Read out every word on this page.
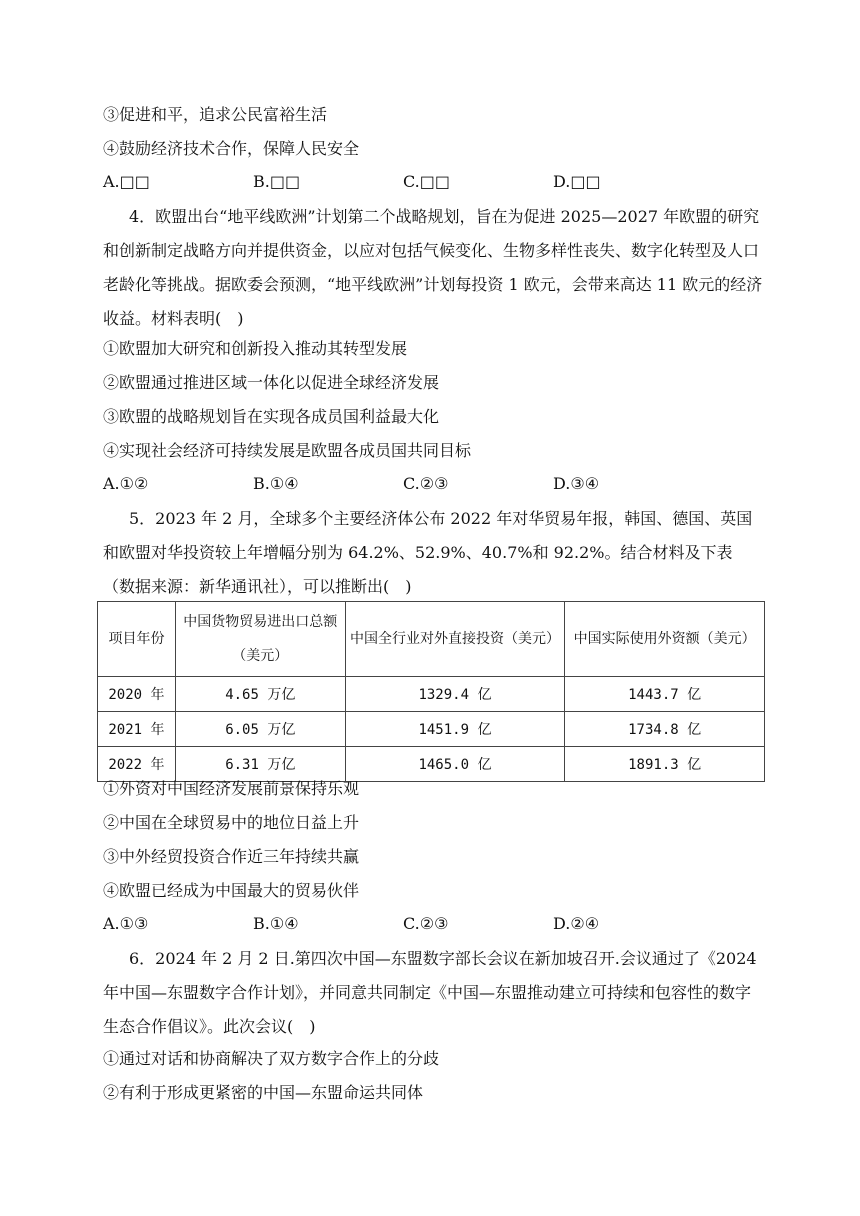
③促进和平，追求公民富裕生活
④鼓励经济技术合作，保障人民安全
A.□□	B.□□	C.□□	D.□□
4．欧盟出台“地平线欧洲”计划第二个战略规划，旨在为促进 2025—2027 年欧盟的研究和创新制定战略方向并提供资金，以应对包括气候变化、生物多样性丧失、数字化转型及人口老龄化等挑战。据欧委会预测，“地平线欧洲”计划每投资 1 欧元，会带来高达 11 欧元的经济收益。材料表明(　)
①欧盟加大研究和创新投入推动其转型发展
②欧盟通过推进区域一体化以促进全球经济发展
③欧盟的战略规划旨在实现各成员国利益最大化
④实现社会经济可持续发展是欧盟各成员国共同目标
A.①②	B.①④	C.②③	D.③④
5．2023 年 2 月，全球多个主要经济体公布 2022 年对华贸易年报，韩国、德国、英国和欧盟对华投资较上年增幅分别为 64.2%、52.9%、40.7%和 92.2%。结合材料及下表（数据来源：新华通讯社），可以推断出(　)
项目年份	中国货物贸易进出口总额（美元）	中国全行业对外直接投资（美元）	中国实际使用外资额（美元）
2020 年	4.65 万亿	1329.4 亿	1443.7 亿
2021 年	6.05 万亿	1451.9 亿	1734.8 亿
2022 年	6.31 万亿	1465.0 亿	1891.3 亿
①外资对中国经济发展前景保持乐观
②中国在全球贸易中的地位日益上升
③中外经贸投资合作近三年持续共赢
④欧盟已经成为中国最大的贸易伙伴
A.①③	B.①④	C.②③	D.②④
6．2024 年 2 月 2 日.第四次中国—东盟数字部长会议在新加坡召开.会议通过了《2024 年中国—东盟数字合作计划》，并同意共同制定《中国—东盟推动建立可持续和包容性的数字生态合作倡议》。此次会议(　)
①通过对话和协商解决了双方数字合作上的分歧
②有利于形成更紧密的中国—东盟命运共同体
